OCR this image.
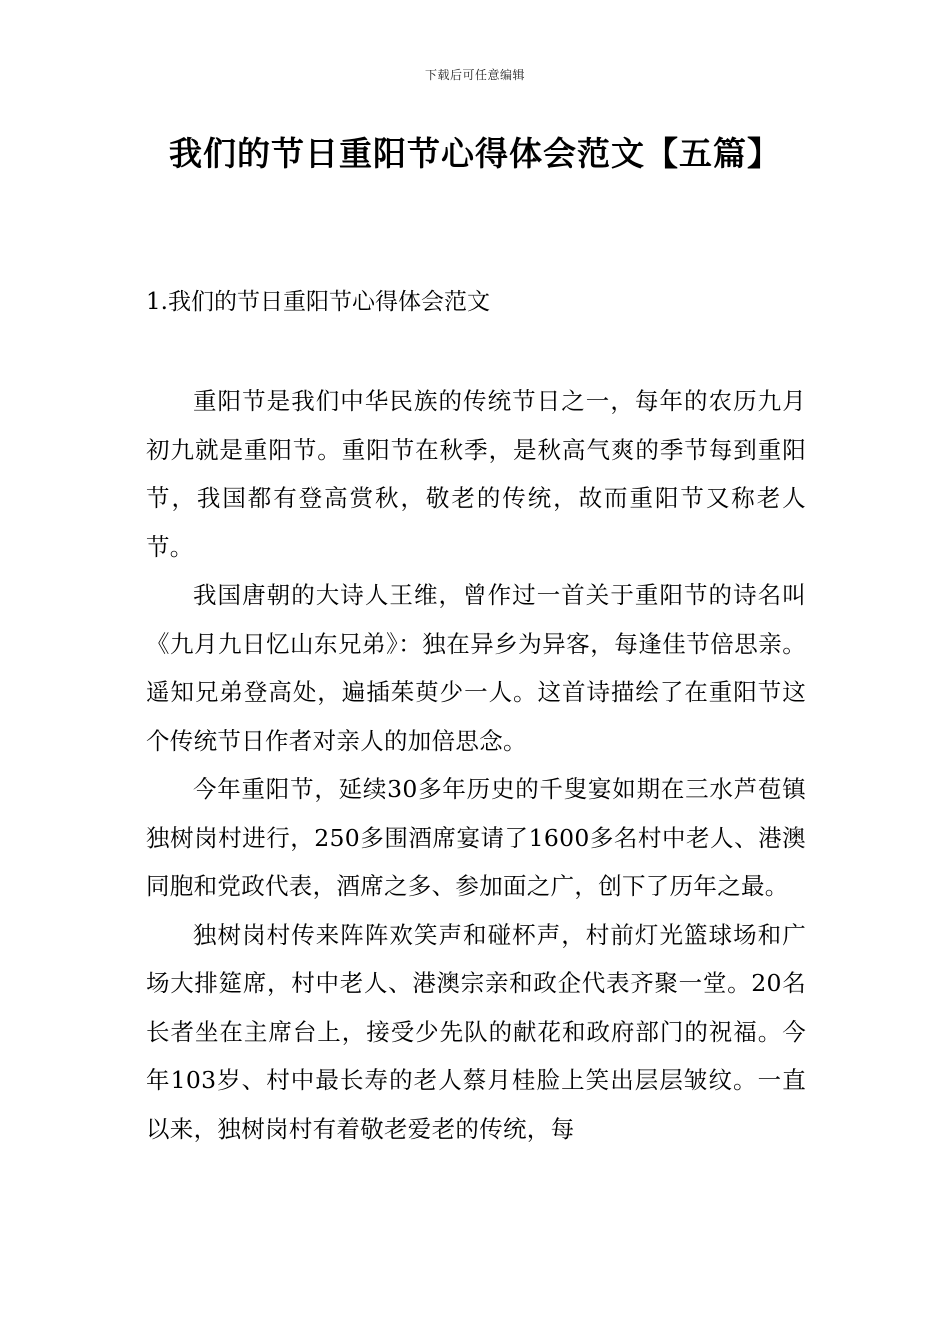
下载后可任意编辑
我们的节日重阳节心得体会范文【五篇】
1.我们的节日重阳节心得体会范文

重阳节是我们中华民族的传统节日之一，每年的农历九月初九就是重阳节。重阳节在秋季，是秋高气爽的季节每到重阳节，我国都有登高赏秋，敬老的传统，故而重阳节又称老人节。

我国唐朝的大诗人王维，曾作过一首关于重阳节的诗名叫《九月九日忆山东兄弟》：独在异乡为异客，每逢佳节倍思亲。遥知兄弟登高处，遍插茱萸少一人。这首诗描绘了在重阳节这个传统节日作者对亲人的加倍思念。

今年重阳节，延续30多年历史的千叟宴如期在三水芦苞镇独树岗村进行，250多围酒席宴请了1600多名村中老人、港澳同胞和党政代表，酒席之多、参加面之广，创下了历年之最。

独树岗村传来阵阵欢笑声和碰杯声，村前灯光篮球场和广场大排筵席，村中老人、港澳宗亲和政企代表齐聚一堂。20名长者坐在主席台上，接受少先队的献花和政府部门的祝福。今年103岁、村中最长寿的老人蔡月桂脸上笑出层层皱纹。一直以来，独树岗村有着敬老爱老的传统，每
